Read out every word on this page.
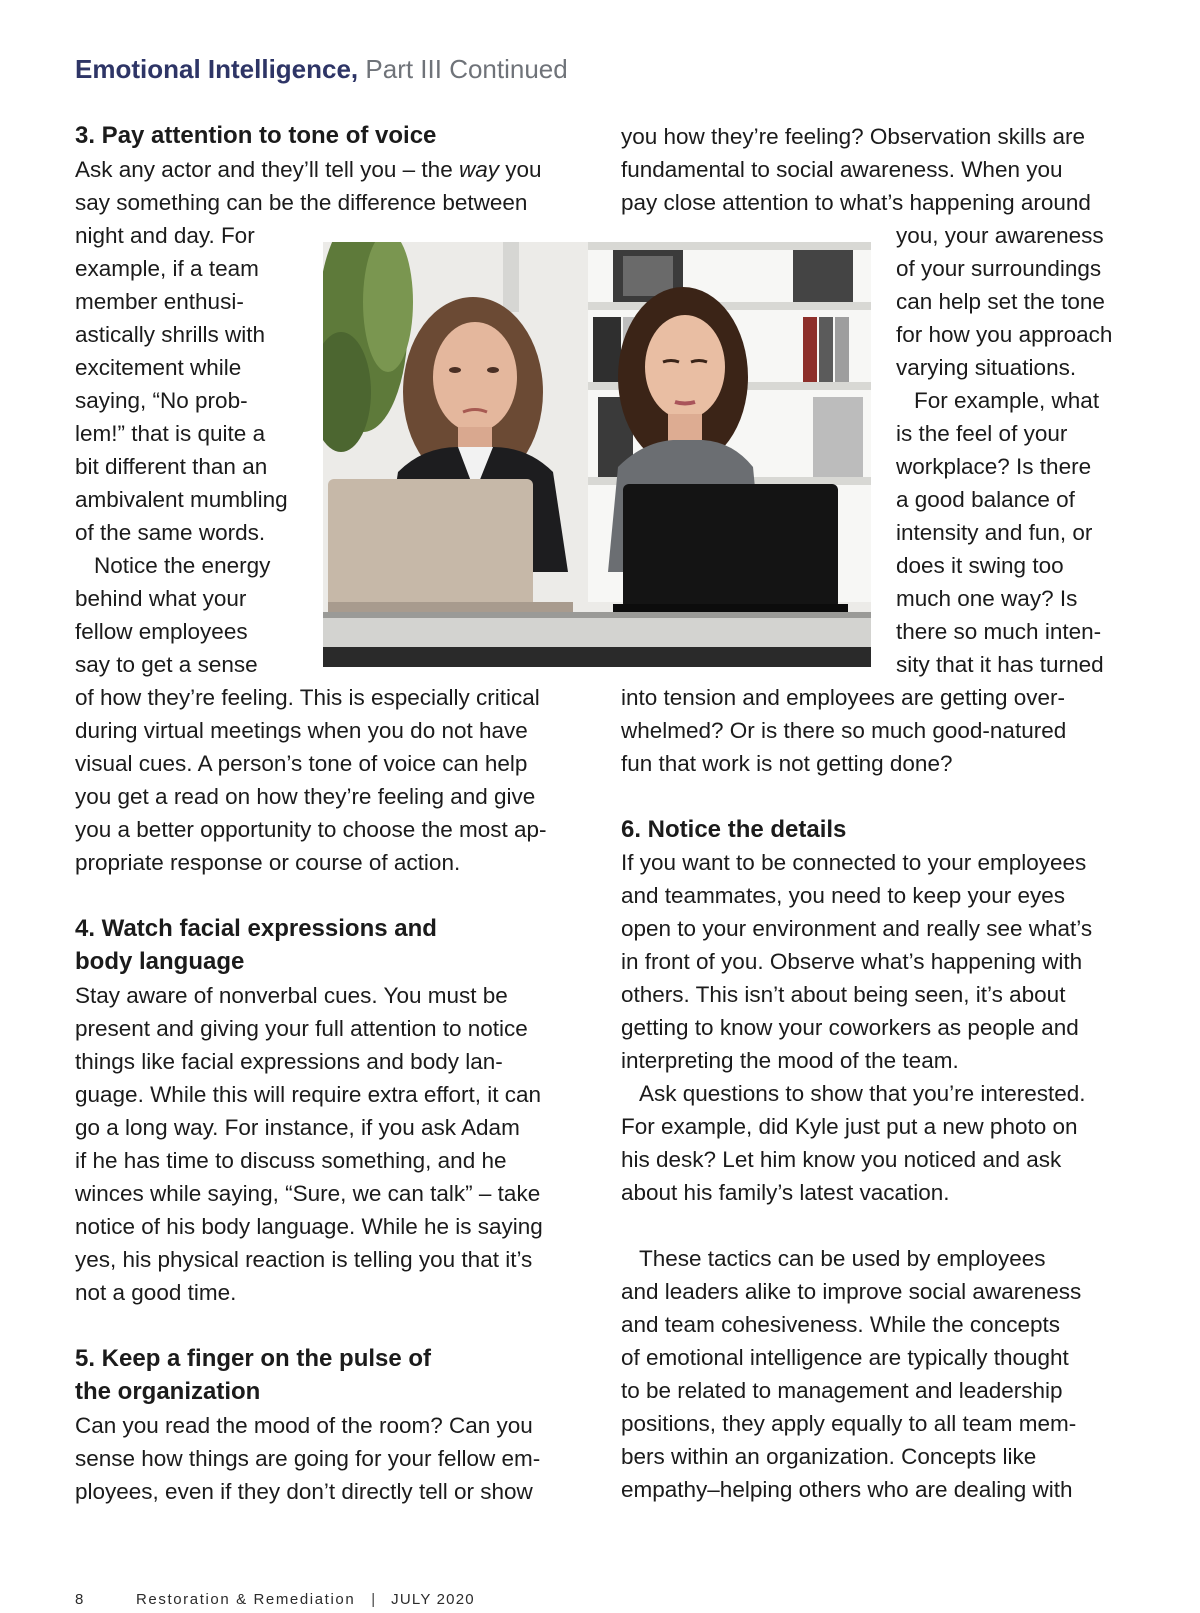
Emotional Intelligence, Part III Continued
3. Pay attention to tone of voice
Ask any actor and they’ll tell you – the way you
say something can be the difference between
night and day. For
example, if a team
member enthusi-
astically shrills with
excitement while
saying, “No prob-
lem!” that is quite a
bit different than an
ambivalent mumbling
of the same words.
Notice the energy
behind what your
fellow employees
say to get a sense
of how they’re feeling. This is especially critical
during virtual meetings when you do not have
visual cues. A person’s tone of voice can help
you get a read on how they’re feeling and give
you a better opportunity to choose the most ap-
propriate response or course of action.
4. Watch facial expressions and
body language
Stay aware of nonverbal cues. You must be
present and giving your full attention to notice
things like facial expressions and body lan-
guage. While this will require extra effort, it can
go a long way. For instance, if you ask Adam
if he has time to discuss something, and he
winces while saying, “Sure, we can talk” – take
notice of his body language. While he is saying
yes, his physical reaction is telling you that it’s
not a good time.
5. Keep a finger on the pulse of
the organization
Can you read the mood of the room? Can you
sense how things are going for your fellow em-
ployees, even if they don’t directly tell or show
you how they’re feeling? Observation skills are
fundamental to social awareness. When you
pay close attention to what’s happening around
you, your awareness
of your surroundings
can help set the tone
for how you approach
varying situations.
For example, what
is the feel of your
workplace? Is there
a good balance of
intensity and fun, or
does it swing too
much one way? Is
there so much inten-
sity that it has turned
into tension and employees are getting over-
whelmed? Or is there so much good-natured
fun that work is not getting done?
6. Notice the details
If you want to be connected to your employees
and teammates, you need to keep your eyes
open to your environment and really see what’s
in front of you. Observe what’s happening with
others. This isn’t about being seen, it’s about
getting to know your coworkers as people and
interpreting the mood of the team.
Ask questions to show that you’re interested.
For example, did Kyle just put a new photo on
his desk? Let him know you noticed and ask
about his family’s latest vacation.
These tactics can be used by employees
and leaders alike to improve social awareness
and team cohesiveness. While the concepts
of emotional intelligence are typically thought
to be related to management and leadership
positions, they apply equally to all team mem-
bers within an organization. Concepts like
empathy–helping others who are dealing with
8	Restoration & Remediation | JULY 2020
